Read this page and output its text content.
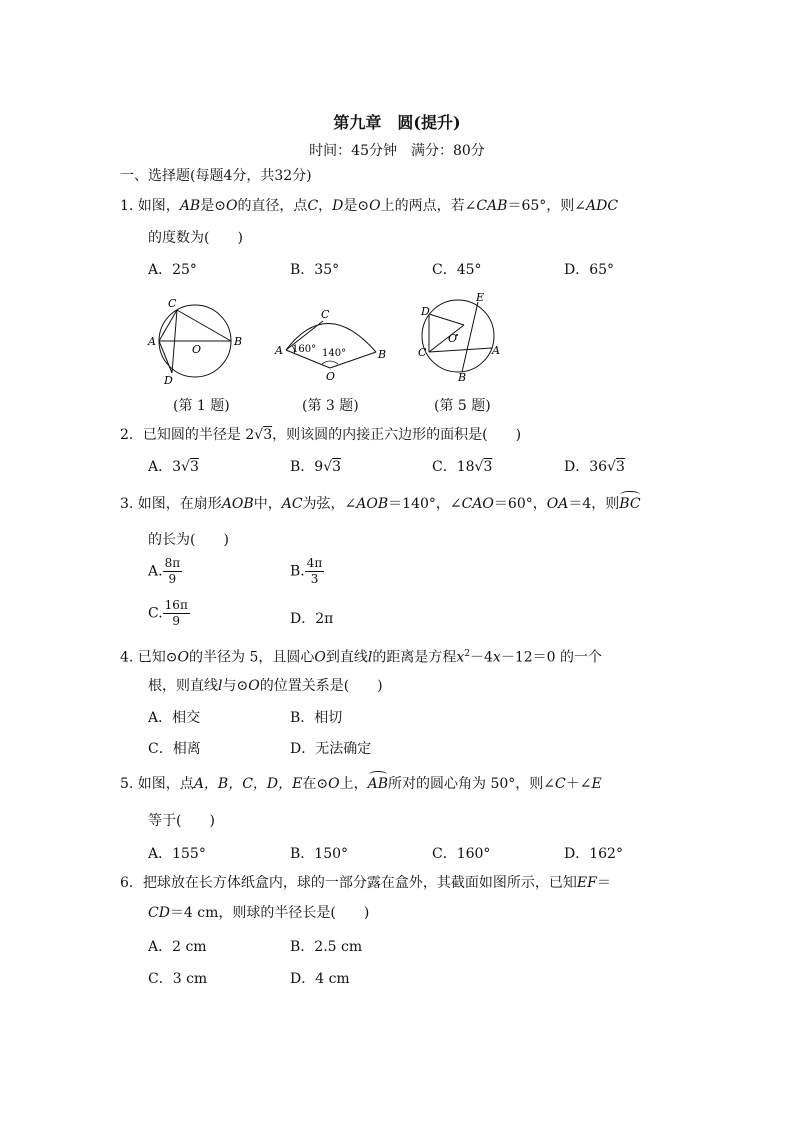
第九章　圆(提升)
时间：45分钟　满分：80分
一、选择题(每题4分，共32分)
1. 如图，AB是⊙O的直径，点C，D是⊙O上的两点，若∠CAB＝65°，则∠ADC
的度数为(　　)
A．25°	B．35°	C．45°	D．65°
C
A
O
B
D
C
A	B
O
160° 140°
D
E
O
C	A
B
(第 1 题)	(第 3 题)	(第 5 题)
2．已知圆的半径是 2√3，则该圆的内接正六边形的面积是(　　)
A．3√3	B．9√3	C．18√3	D．36√3
3. 如图，在扇形AOB中，AC为弦，∠AOB＝140°，∠CAO＝60°，OA＝4，则BC
的长为(　　)
A. $\frac{8\pi}{9}$	B. $\frac{4\pi}{3}$
C. $\frac{16\pi}{9}$	D．2π
4. 已知⊙O的半径为 5，且圆心O到直线l的距离是方程$x^2-4x-12=0$ 的一个
根，则直线l与⊙O的位置关系是(　　)
A．相交	B．相切
C．相离	D．无法确定
5. 如图，点A，B，C，D，E在⊙O上，AB所对的圆心角为 50°，则∠C＋∠E
等于(　　)
A．155°	B．150°	C．160°	D．162°
6．把球放在长方体纸盒内，球的一部分露在盒外，其截面如图所示，已知EF＝
CD＝4 cm，则球的半径长是(　　)
A．2 cm	B．2.5 cm
C．3 cm	D．4 cm
